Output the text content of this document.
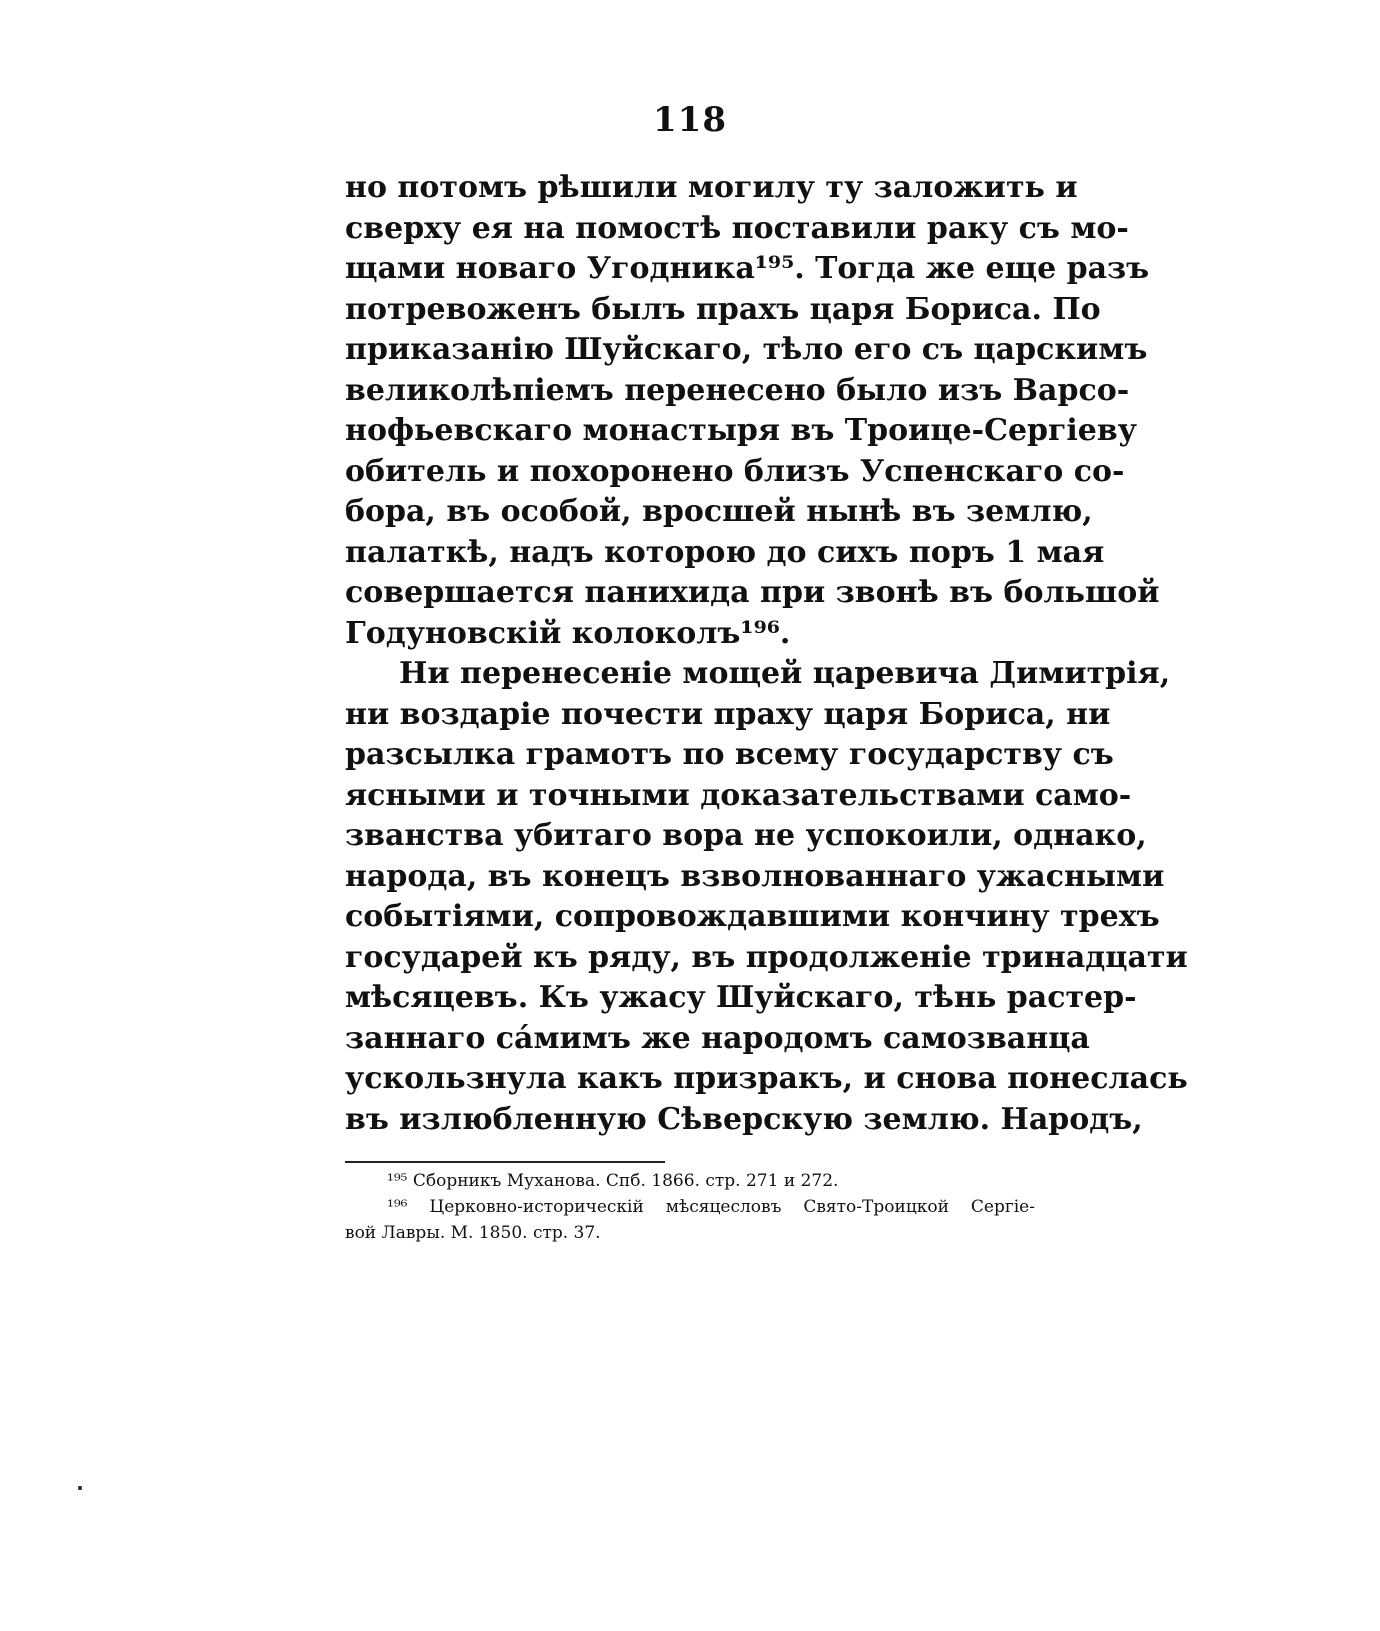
118
но потомъ рѣшили могилу ту заложить и
сверху ея на помостѣ поставили раку съ мо-
щами новаго Угодника¹⁹⁵. Тогда же еще разъ
потревоженъ былъ прахъ царя Бориса. По
приказанію Шуйскаго, тѣло его съ царскимъ
великолѣпіемъ перенесено было изъ Варсо-
нофьевскаго монастыря въ Троице-Сергіеву
обитель и похоронено близъ Успенскаго со-
бора, въ особой, вросшей нынѣ въ землю,
палаткѣ, надъ которою до сихъ поръ 1 мая
совершается панихида при звонѣ въ большой
Годуновскій колоколъ¹⁹⁶.
Ни перенесеніе мощей царевича Димитрія,
ни воздаріе почести праху царя Бориса, ни
разсылка грамотъ по всему государству съ
ясными и точными доказательствами само-
званства убитаго вора не успокоили, однако,
народа, въ конецъ взволнованнаго ужасными
событіями, сопровождавшими кончину трехъ
государей къ ряду, въ продолженіе тринадцати
мѣсяцевъ. Къ ужасу Шуйскаго, тѣнь растер-
заннаго сáмимъ же народомъ самозванца
ускользнула какъ призракъ, и снова понеслась
въ излюбленную Сѣверскую землю. Народъ,
¹⁹⁵ Сборникъ Муханова. Спб. 1866. стр. 271 и 272.
¹⁹⁶ Церковно-историческій мѣсяцесловъ Свято-Троицкой Сергіе-
вой Лавры. М. 1850. стр. 37.
